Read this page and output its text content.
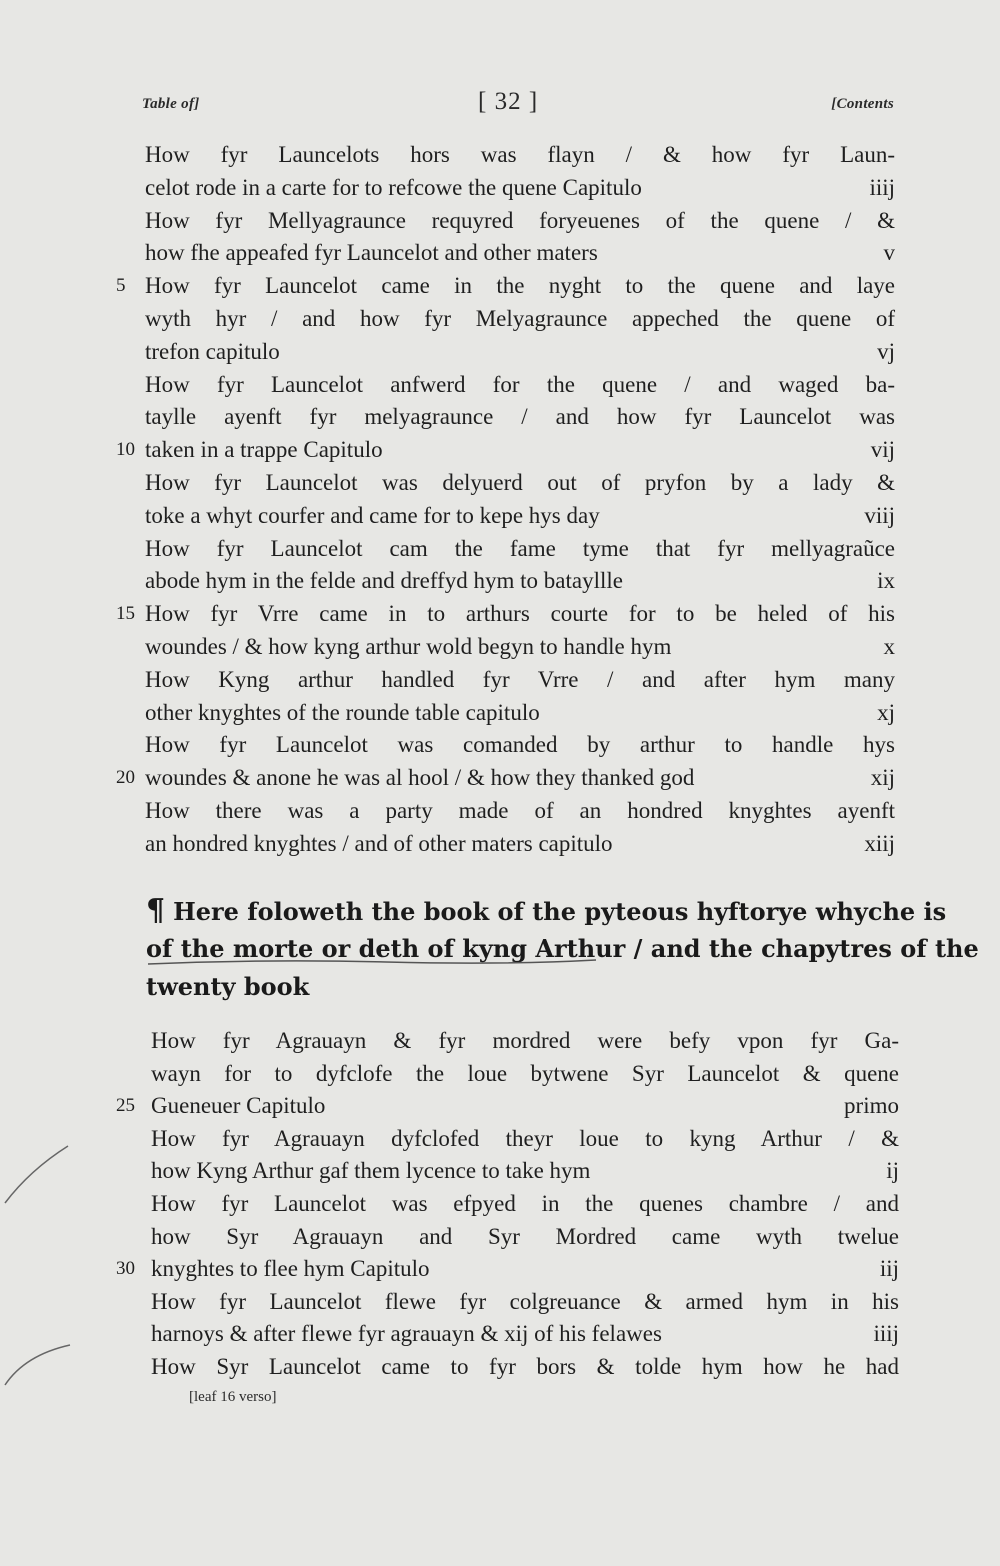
Table of]	[ 32 ]	[Contents
How fyr Launcelots hors was flayn / & how fyr Laun-
celot rode in a carte for to refcowe the quene Capitulo	iiij
How fyr Mellyagraunce requyred foryeuenes of the quene / &
how fhe appeafed fyr Launcelot and other maters	v
5 How fyr Launcelot came in the nyght to the quene and laye
wyth hyr / and how fyr Melyagraunce appeched the quene of
trefon capitulo	vj
How fyr Launcelot anfwerd for the quene / and waged ba-
taylle ayenft fyr melyagraunce / and how fyr Launcelot was
10 taken in a trappe Capitulo	vij
How fyr Launcelot was delyuerd out of pryfon by a lady &
toke a whyt courfer and came for to kepe hys day	viij
How fyr Launcelot cam the fame tyme that fyr mellyagraũce
abode hym in the felde and dreffyd hym to batayllle	ix
15 How fyr Vrre came in to arthurs courte for to be heled of his
woundes / & how kyng arthur wold begyn to handle hym	x
How Kyng arthur handled fyr Vrre / and after hym many
other knyghtes of the rounde table capitulo	xj
How fyr Launcelot was comanded by arthur to handle hys
20 woundes & anone he was al hool / & how they thanked god	xij
How there was a party made of an hondred knyghtes ayenft
an hondred knyghtes / and of other maters capitulo	xiij
¶ Here foloweth the book of the pyteous hyftorye whyche is
of the morte or deth of kyng Arthur / and the chapytres of the
twenty book
How fyr Agrauayn & fyr mordred were befy vpon fyr Ga-
wayn for to dyfclofe the loue bytwene Syr Launcelot & quene
25 Gueneuer Capitulo	primo
How fyr Agrauayn dyfclofed theyr loue to kyng Arthur / &
how Kyng Arthur gaf them lycence to take hym	ij
How fyr Launcelot was efpyed in the quenes chambre / and
how Syr Agrauayn and Syr Mordred came wyth twelue
30 knyghtes to flee hym Capitulo	iij
How fyr Launcelot flewe fyr colgreuance & armed hym in his
harnoys & after flewe fyr agrauayn & xij of his felawes	iiij
How Syr Launcelot came to fyr bors & tolde hym how he had
[leaf 16 verso]
